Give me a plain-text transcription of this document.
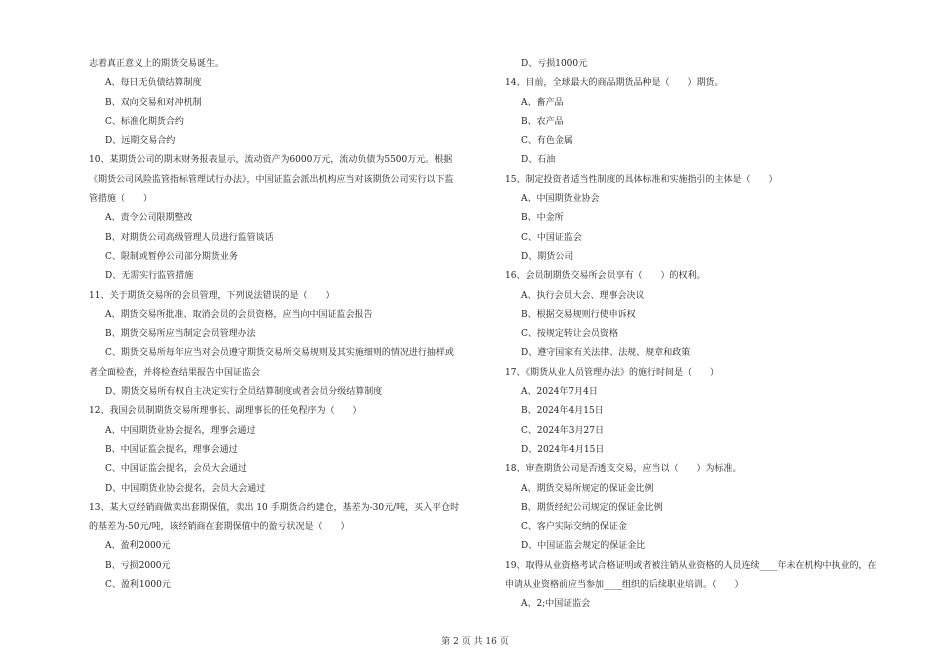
志着真正意义上的期货交易诞生。
A、每日无负债结算制度
B、双向交易和对冲机制
C、标准化期货合约
D、远期交易合约
10、某期货公司的期末财务报表显示，流动资产为6000万元，流动负债为5500万元。根据
《期货公司风险监管指标管理试行办法》，中国证监会派出机构应当对该期货公司实行以下监
管措施（　　）
A、责令公司限期整改
B、对期货公司高级管理人员进行监管谈话
C、限制或暂停公司部分期货业务
D、无需实行监管措施
11、关于期货交易所的会员管理，下列说法错误的是（　　）
A、期货交易所批准、取消会员的会员资格，应当向中国证监会报告
B、期货交易所应当制定会员管理办法
C、期货交易所每年应当对会员遵守期货交易所交易规则及其实施细则的情况进行抽样或
者全面检查，并将检查结果报告中国证监会
D、期货交易所有权自主决定实行全员结算制度或者会员分级结算制度
12、我国会员制期货交易所理事长、副理事长的任免程序为（　　）
A、中国期货业协会提名，理事会通过
B、中国证监会提名，理事会通过
C、中国证监会提名，会员大会通过
D、中国期货业协会提名，会员大会通过
13、某大豆经销商做卖出套期保值，卖出 10 手期货合约建仓，基差为-30元/吨，买入平仓时
的基差为-50元/吨，该经销商在套期保值中的盈亏状况是（　　）
A、盈利2000元
B、亏损2000元
C、盈利1000元
D、亏损1000元
14、目前，全球最大的商品期货品种是（　　）期货。
A、畜产品
B、农产品
C、有色金属
D、石油
15、制定投资者适当性制度的具体标准和实施指引的主体是（　　）
A、中国期货业协会
B、中金所
C、中国证监会
D、期货公司
16、会员制期货交易所会员享有（　　）的权利。
A、执行会员大会、理事会决议
B、根据交易规则行使申诉权
C、按规定转让会员资格
D、遵守国家有关法律、法规、规章和政策
17、《期货从业人员管理办法》的施行时间是（　　）
A、2024年7月4日
B、2024年4月15日
C、2024年3月27日
D、2024年4月15日
18、审查期货公司是否透支交易，应当以（　　）为标准。
A、期货交易所规定的保证金比例
B、期货经纪公司规定的保证金比例
C、客户实际交纳的保证金
D、中国证监会规定的保证金比
19、取得从业资格考试合格证明或者被注销从业资格的人员连续____年未在机构中执业的，在
申请从业资格前应当参加____组织的后续职业培训。（　　）
A、2;中国证监会
第 2 页 共 16 页
